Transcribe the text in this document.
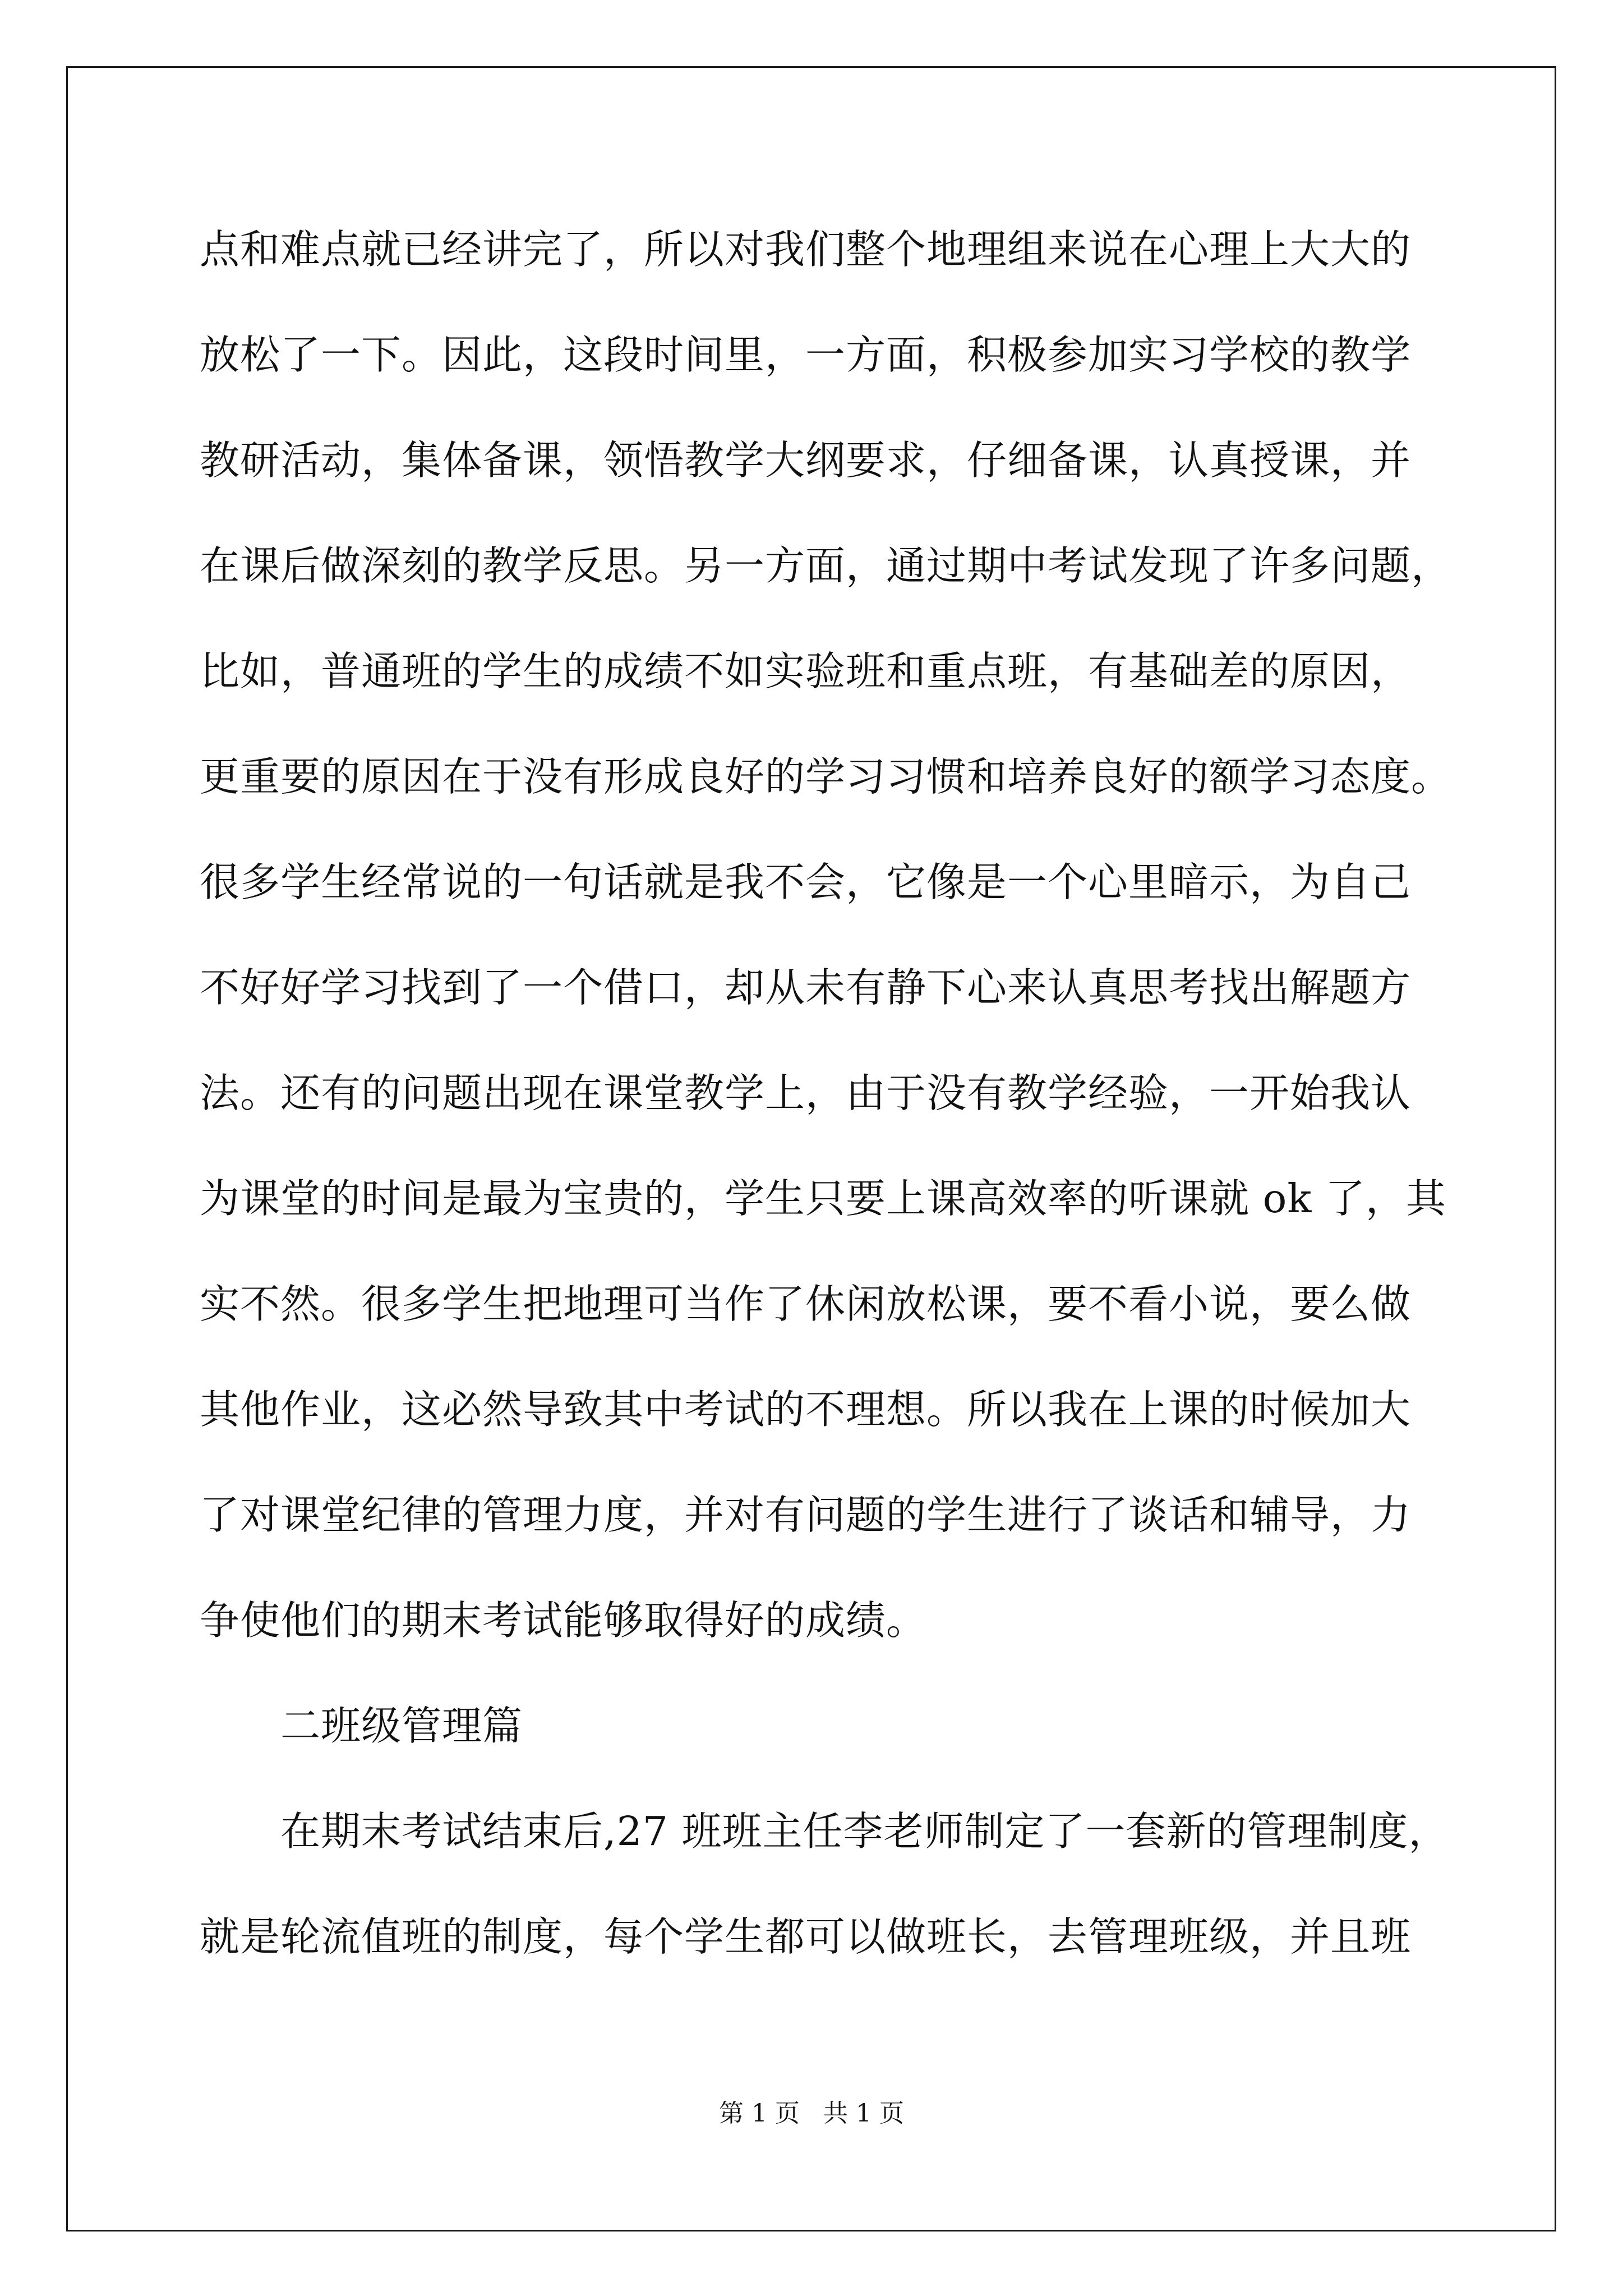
点和难点就已经讲完了，所以对我们整个地理组来说在心理上大大的
放松了一下。因此，这段时间里，一方面，积极参加实习学校的教学
教研活动，集体备课，领悟教学大纲要求，仔细备课，认真授课，并
在课后做深刻的教学反思。另一方面，通过期中考试发现了许多问题，
比如，普通班的学生的成绩不如实验班和重点班，有基础差的原因，
更重要的原因在于没有形成良好的学习习惯和培养良好的额学习态度。
很多学生经常说的一句话就是我不会，它像是一个心里暗示，为自己
不好好学习找到了一个借口，却从未有静下心来认真思考找出解题方
法。还有的问题出现在课堂教学上，由于没有教学经验，一开始我认
为课堂的时间是最为宝贵的，学生只要上课高效率的听课就 ok 了，其
实不然。很多学生把地理可当作了休闲放松课，要不看小说，要么做
其他作业，这必然导致其中考试的不理想。所以我在上课的时候加大
了对课堂纪律的管理力度，并对有问题的学生进行了谈话和辅导，力
争使他们的期末考试能够取得好的成绩。
二班级管理篇
在期末考试结束后,27 班班主任李老师制定了一套新的管理制度，
就是轮流值班的制度，每个学生都可以做班长，去管理班级，并且班
第 1 页   共 1 页
